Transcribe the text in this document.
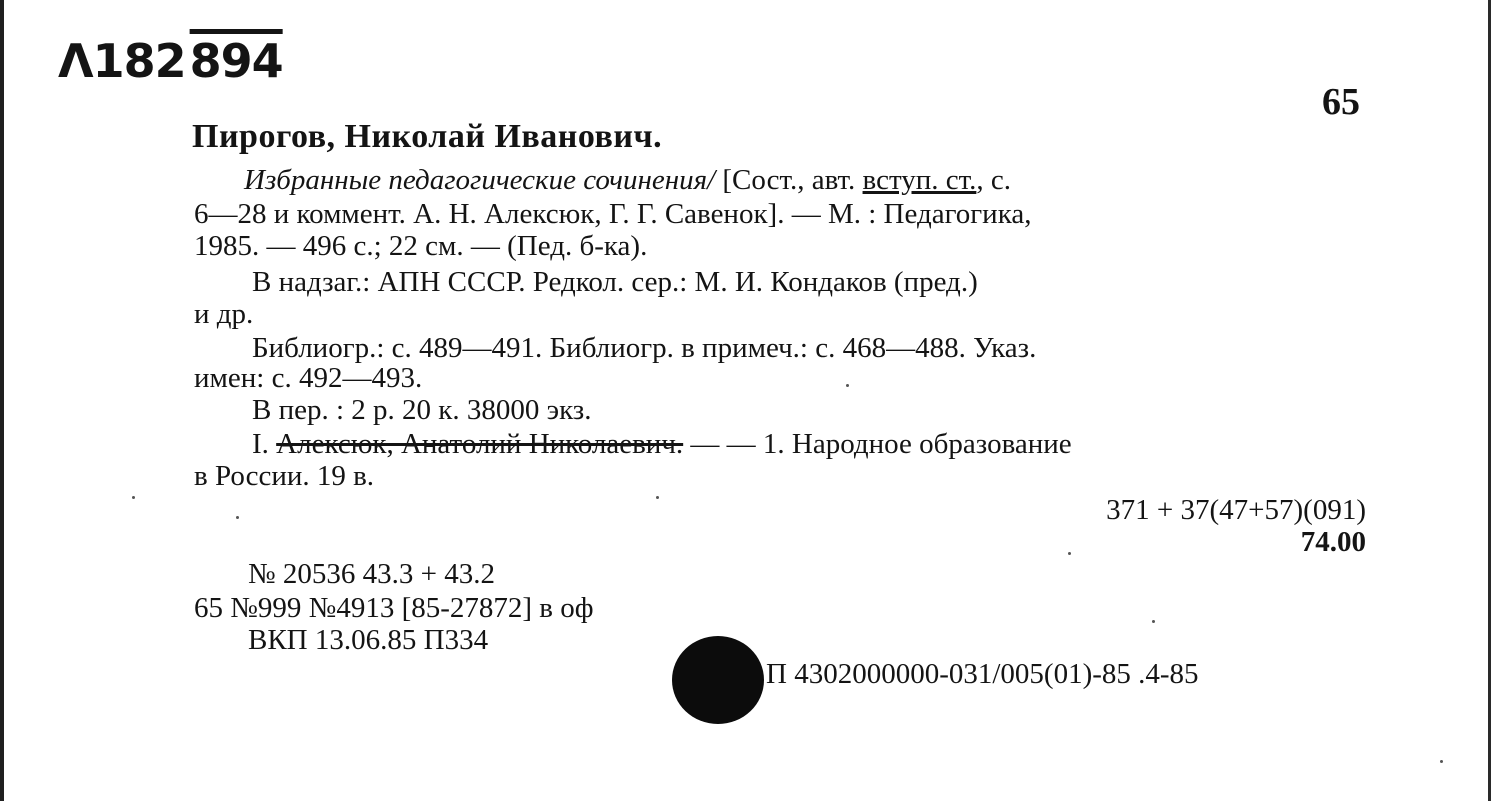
Λ182894
65
Пирогов, Николай Иванович.
Избранные педагогические сочинения/ [Сост., авт. вступ. ст., с.
6—28 и коммент. А. Н. Алексюк, Г. Г. Савенок]. — М. : Педагогика,
1985. — 496 с.; 22 см. — (Пед. б-ка).
В надзаг.: АПН СССР. Редкол. сер.: М. И. Кондаков (пред.)
и др.
Библиогр.: с. 489—491. Библиогр. в примеч.: с. 468—488. Указ.
имен: с. 492—493.
В пер. : 2 р. 20 к. 38000 экз.
I. Алексюк, Анатолий Николаевич. — — 1. Народное образование
в России. 19 в.
371 + 37(47+57)(091)
74.00
№ 20536 43.3 + 43.2
65 №999 №4913 [85-27872] в оф
ВКП 13.06.85 П334
П 4302000000-031/005(01)-85 .4-85
